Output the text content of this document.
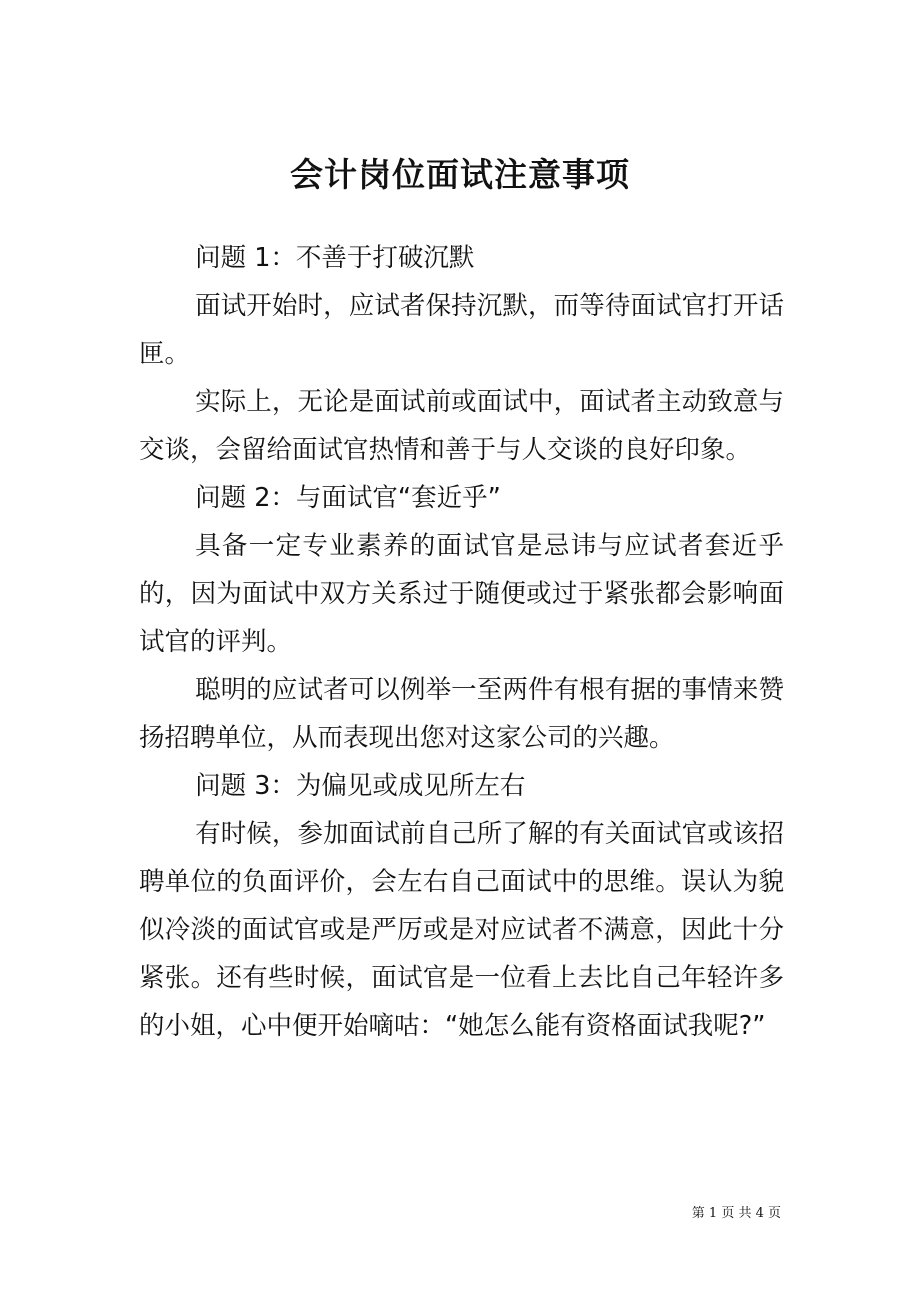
会计岗位面试注意事项

问题 1：不善于打破沉默

面试开始时，应试者保持沉默，而等待面试官打开话匣。

实际上，无论是面试前或面试中，面试者主动致意与交谈，会留给面试官热情和善于与人交谈的良好印象。

问题 2：与面试官“套近乎”

具备一定专业素养的面试官是忌讳与应试者套近乎的，因为面试中双方关系过于随便或过于紧张都会影响面试官的评判。

聪明的应试者可以例举一至两件有根有据的事情来赞扬招聘单位，从而表现出您对这家公司的兴趣。

问题 3：为偏见或成见所左右

有时候，参加面试前自己所了解的有关面试官或该招聘单位的负面评价，会左右自己面试中的思维。误认为貌似冷淡的面试官或是严厉或是对应试者不满意，因此十分紧张。还有些时候，面试官是一位看上去比自己年轻许多的小姐，心中便开始嘀咕：“她怎么能有资格面试我呢?”

第 1 页 共 4 页
